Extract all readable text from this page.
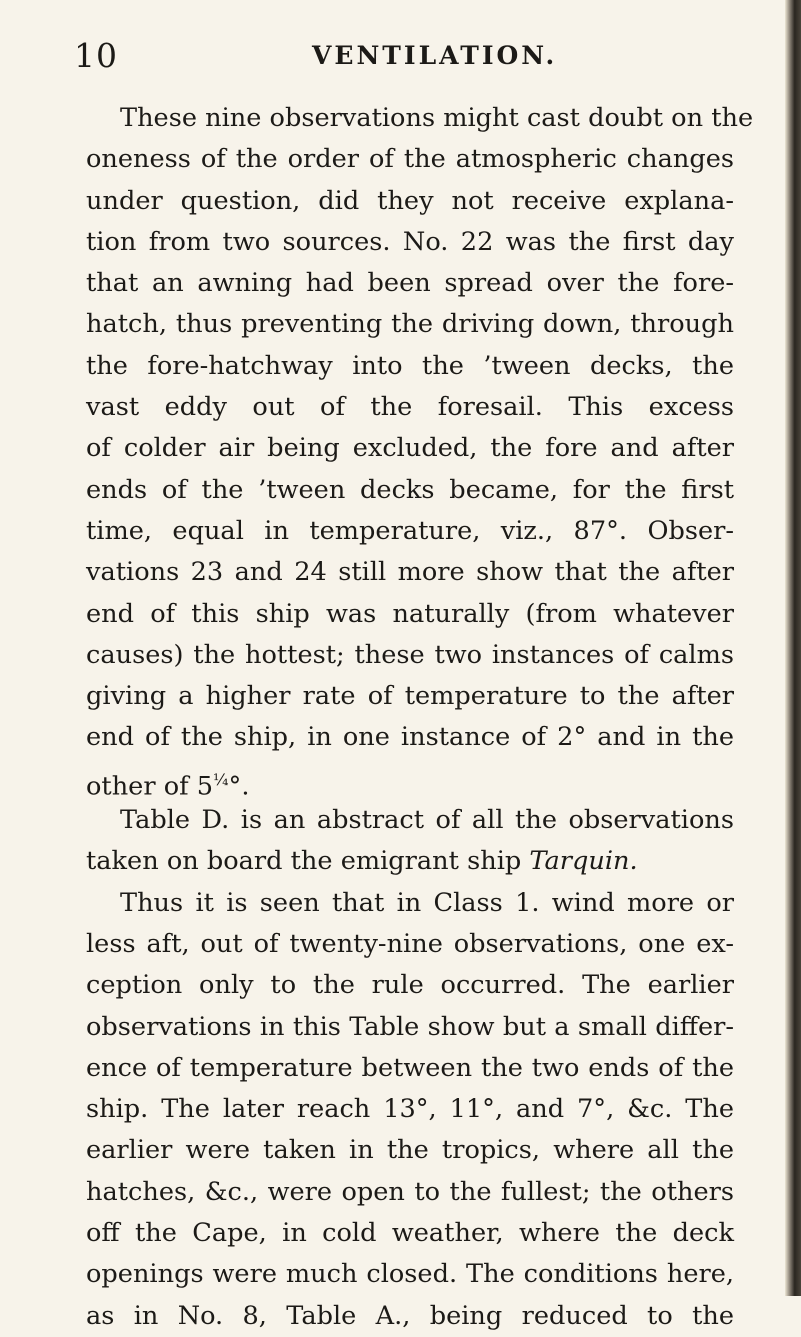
10	VENTILATION.
These nine observations might cast doubt on the
oneness of the order of the atmospheric changes
under question, did they not receive explana-
tion from two sources. No. 22 was the first day
that an awning had been spread over the fore-
hatch, thus preventing the driving down, through
the fore-hatchway into the ’tween decks, the
vast eddy out of the foresail. This excess
of colder air being excluded, the fore and after
ends of the ’tween decks became, for the first
time, equal in temperature, viz., 87°. Obser-
vations 23 and 24 still more show that the after
end of this ship was naturally (from whatever
causes) the hottest; these two instances of calms
giving a higher rate of temperature to the after
end of the ship, in one instance of 2° and in the
other of $5^{\frac{1}{4}}^\circ$.
Table D. is an abstract of all the observations
taken on board the emigrant ship Tarquin.
Thus it is seen that in Class 1. wind more or
less aft, out of twenty-nine observations, one ex-
ception only to the rule occurred. The earlier
observations in this Table show but a small differ-
ence of temperature between the two ends of the
ship. The later reach 13°, 11°, and 7°, &c. The
earlier were taken in the tropics, where all the
hatches, &c., were open to the fullest; the others
off the Cape, in cold weather, where the deck
openings were much closed. The conditions here,
as in No. 8, Table A., being reduced to the
